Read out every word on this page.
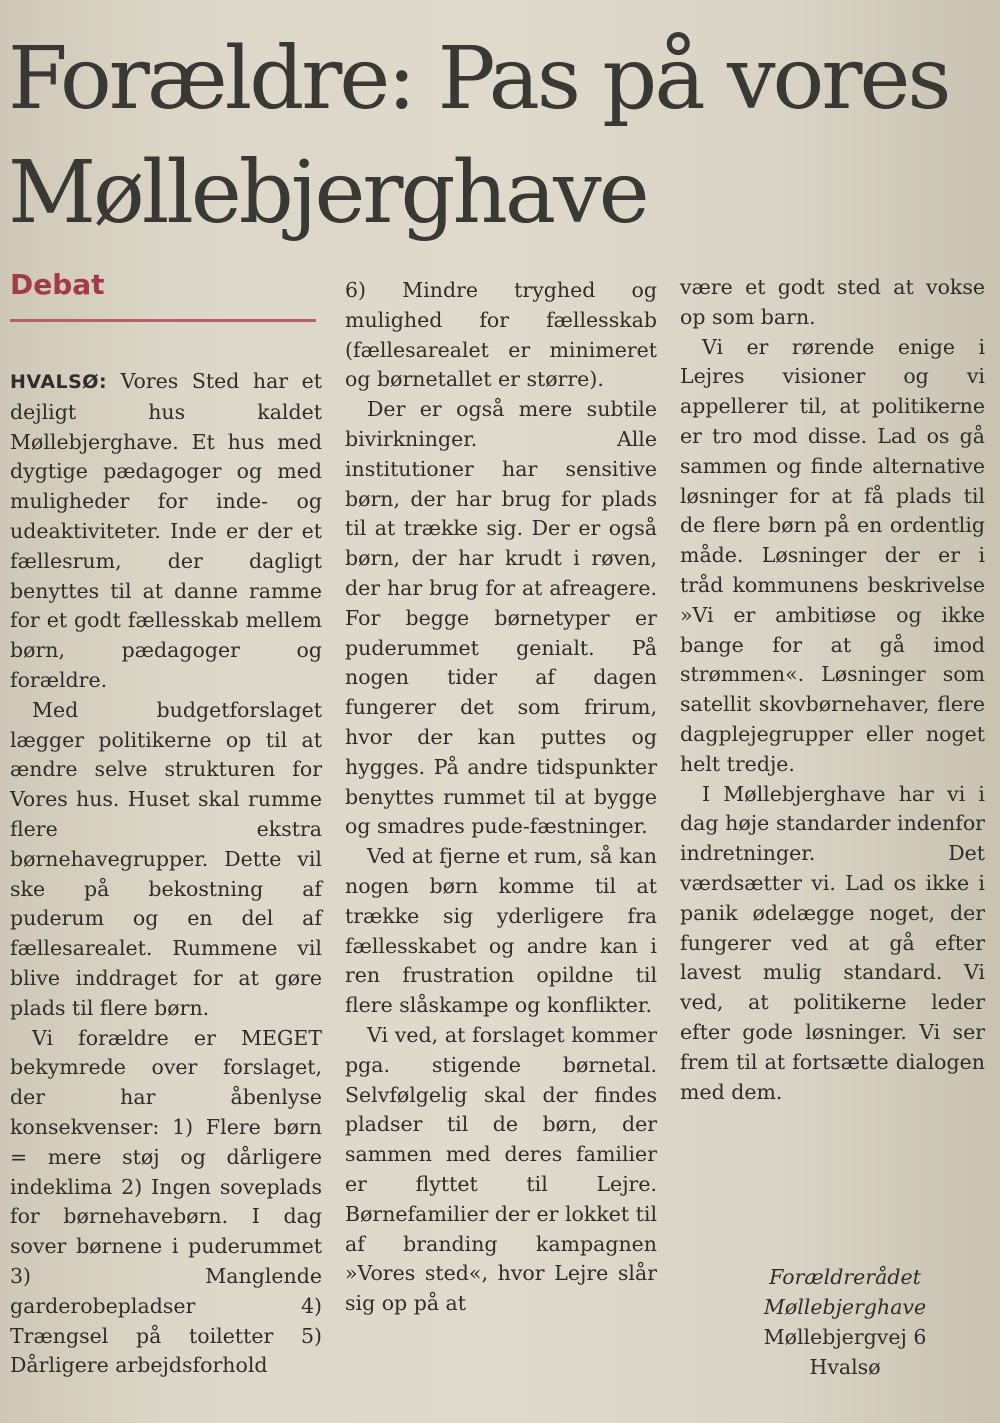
Forældre: Pas på vores Møllebjerghave
Debat

HVALSØ: Vores Sted har et dejligt hus kaldet Møllebjerghave. Et hus med dygtige pædagoger og med muligheder for inde- og udeaktiviteter. Inde er der et fællesrum, der dagligt benyttes til at danne ramme for et godt fællesskab mellem børn, pædagoger og forældre.

Med budgetforslaget lægger politikerne op til at ændre selve strukturen for Vores hus. Huset skal rumme flere ekstra børnehavegrupper. Dette vil ske på bekostning af puderum og en del af fællesarealet. Rummene vil blive inddraget for at gøre plads til flere børn.

Vi forældre er MEGET bekymrede over forslaget, der har åbenlyse konsekvenser: 1) Flere børn = mere støj og dårligere indeklima 2) Ingen soveplads for børnehavebørn. I dag sover børnene i puderummet 3) Manglende garderobepladser 4) Trængsel på toiletter 5) Dårligere arbejdsforhold

6) Mindre tryghed og mulighed for fællesskab (fællesarealet er minimeret og børnetallet er større).

Der er også mere subtile bivirkninger. Alle institutioner har sensitive børn, der har brug for plads til at trække sig. Der er også børn, der har krudt i røven, der har brug for at afreagere. For begge børnetyper er puderummet genialt. På nogen tider af dagen fungerer det som frirum, hvor der kan puttes og hygges. På andre tidspunkter benyttes rummet til at bygge og smadres pude-fæstninger.

Ved at fjerne et rum, så kan nogen børn komme til at trække sig yderligere fra fællesskabet og andre kan i ren frustration opildne til flere slåskampe og konflikter.

Vi ved, at forslaget kommer pga. stigende børnetal. Selvfølgelig skal der findes pladser til de børn, der sammen med deres familier er flyttet til Lejre. Børnefamilier der er lokket til af branding kampagnen »Vores sted«, hvor Lejre slår sig op på at

være et godt sted at vokse op som barn.

Vi er rørende enige i Lejres visioner og vi appellerer til, at politikerne er tro mod disse. Lad os gå sammen og finde alternative løsninger for at få plads til de flere børn på en ordentlig måde. Løsninger der er i tråd kommunens beskrivelse »Vi er ambitiøse og ikke bange for at gå imod strømmen«. Løsninger som satellit skovbørnehaver, flere dagplejegrupper eller noget helt tredje.

I Møllebjerghave har vi i dag høje standarder indenfor indretninger. Det værdsætter vi. Lad os ikke i panik ødelægge noget, der fungerer ved at gå efter lavest mulig standard. Vi ved, at politikerne leder efter gode løsninger. Vi ser frem til at fortsætte dialogen med dem.

Forældrerådet
Møllebjerghave
Møllebjergvej 6
Hvalsø
